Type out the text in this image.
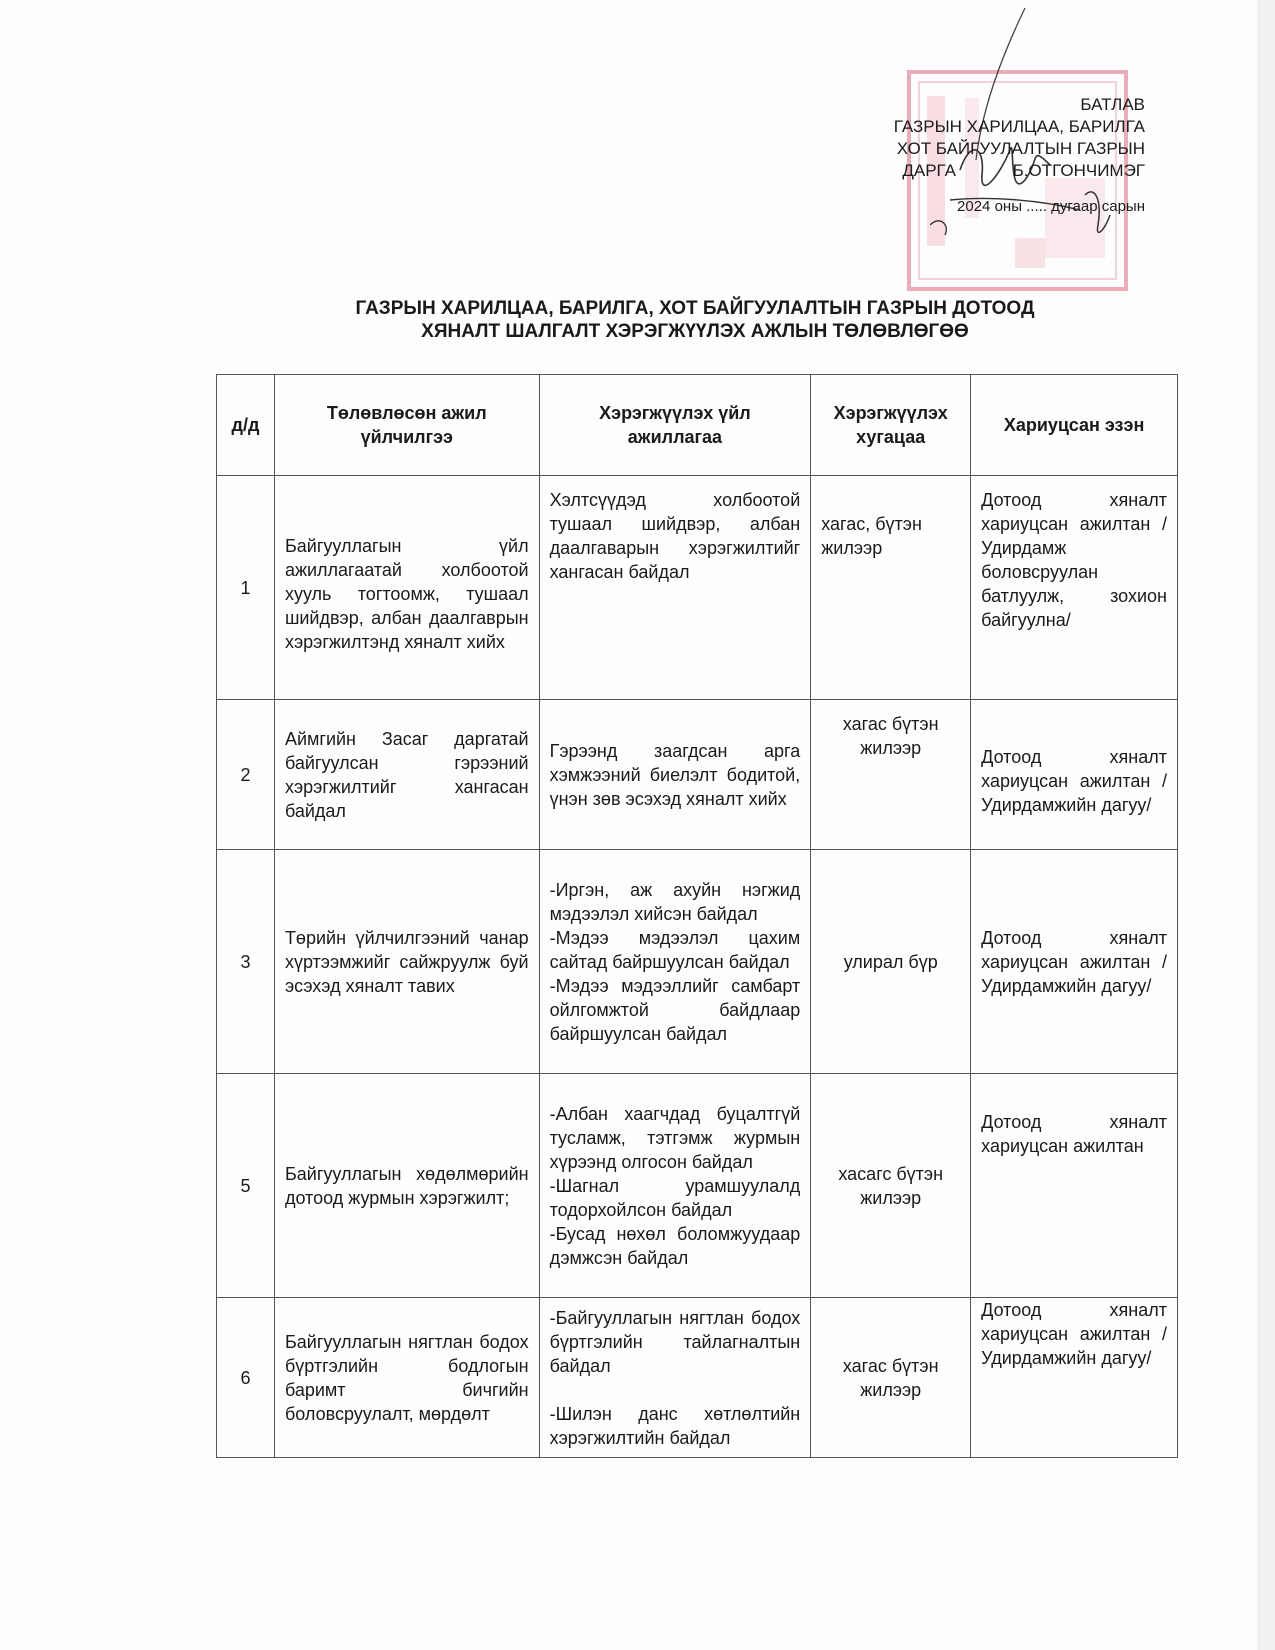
БАТЛАВ
ГАЗРЫН ХАРИЛЦАА, БАРИЛГА
ХОТ БАЙГУУЛАЛТЫН ГАЗРЫН
ДАРГА            Б.ОТГОНЧИМЭГ
2024 оны ..... дугаар сарын
ГАЗРЫН ХАРИЛЦАА, БАРИЛГА, ХОТ БАЙГУУЛАЛТЫН ГАЗРЫН ДОТООД
ХЯНАЛТ ШАЛГАЛТ ХЭРЭГЖҮҮЛЭХ АЖЛЫН ТӨЛӨВЛӨГӨӨ
д/д	Төлөвлөсөн ажил үйлчилгээ	Хэрэгжүүлэх үйл ажиллагаа	Хэрэгжүүлэх хугацаа	Хариуцсан эзэн
1	Байгууллагын үйл ажиллагаатай холбоотой хууль тогтоомж, тушаал шийдвэр, албан даалгаврын хэрэгжилтэнд хяналт хийх	Хэлтсүүдэд холбоотой тушаал шийдвэр, албан даалгаварын хэрэгжилтийг хангасан байдал	хагас, бүтэн жилээр	Дотоод хяналт хариуцсан ажилтан /Удирдамж боловсруулан батлуулж, зохион байгуулна/
2	Аймгийн Засаг даргатай байгуулсан гэрээний хэрэгжилтийг хангасан байдал	Гэрээнд заагдсан арга хэмжээний биелэлт бодитой, үнэн зөв эсэхэд хяналт хийх	хагас бүтэн жилээр	Дотоод хяналт хариуцсан ажилтан /Удирдамжийн дагуу/
3	Төрийн үйлчилгээний чанар хүртээмжийг сайжруулж буй эсэхэд хяналт тавих	-Иргэн, аж ахуйн нэгжид мэдээлэл хийсэн байдал
-Мэдээ мэдээлэл цахим сайтад байршуулсан байдал
-Мэдээ мэдээллийг самбарт ойлгомжтой байдлаар байршуулсан байдал	улирал бүр	Дотоод хяналт хариуцсан ажилтан /Удирдамжийн дагуу/
5	Байгууллагын хөдөлмөрийн дотоод журмын хэрэгжилт;	-Албан хаагчдад буцалтгүй тусламж, тэтгэмж журмын хүрээнд олгосон байдал
-Шагнал урамшуулалд тодорхойлсон байдал
-Бусад нөхөл боломжуудаар дэмжсэн байдал	хасагс бүтэн жилээр	Дотоод хяналт хариуцсан ажилтан
6	Байгууллагын нягтлан бодох бүртгэлийн бодлогын баримт бичгийн боловсруулалт, мөрдөлт	-Байгууллагын нягтлан бодох бүртгэлийн тайлагналтын байдал
-Шилэн данс хөтлөлтийн хэрэгжилтийн байдал	хагас бүтэн жилээр	Дотоод хяналт хариуцсан ажилтан /Удирдамжийн дагуу/
